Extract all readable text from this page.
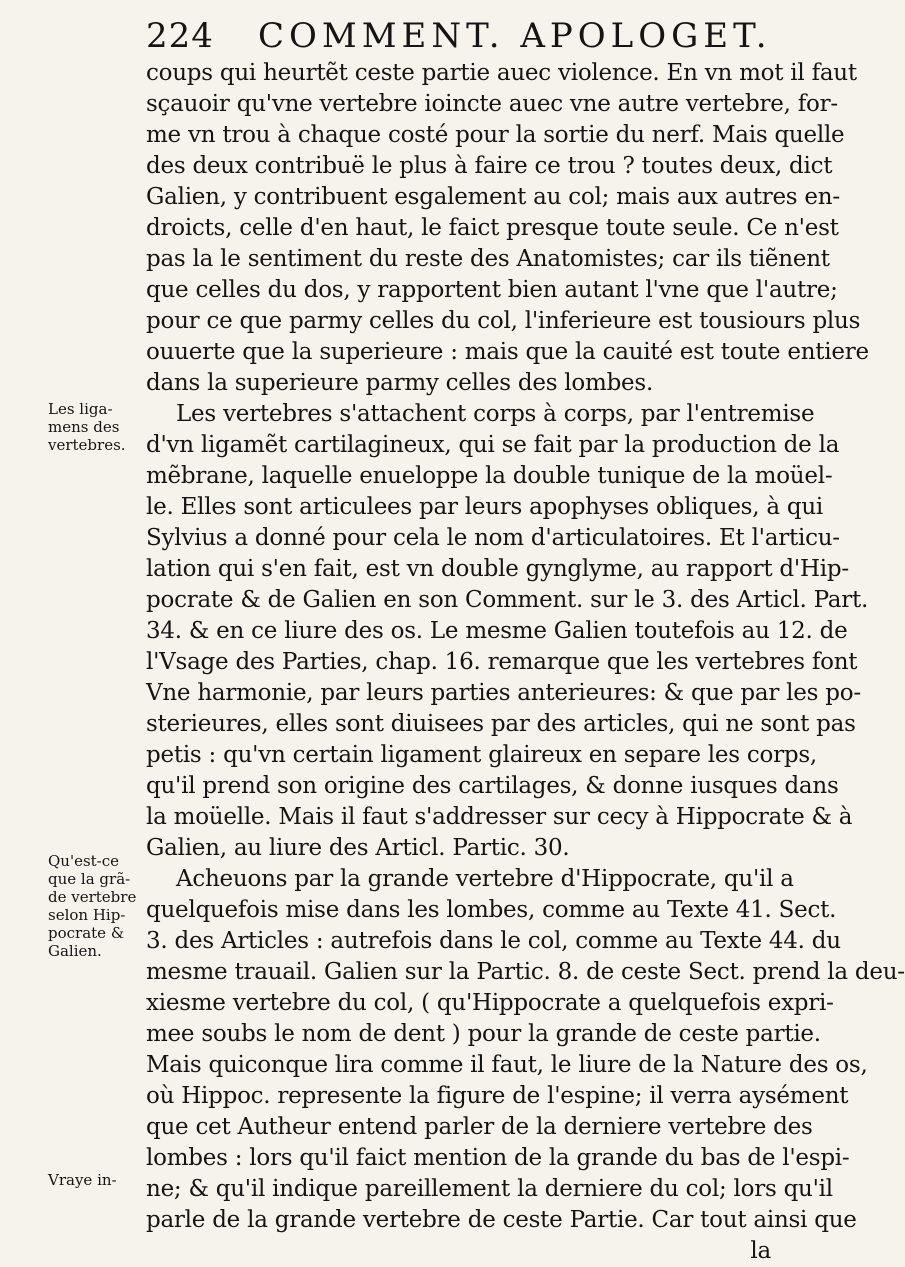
224 COMMENT. APOLOGET.
coups qui heurtẽt ceste partie auec violence. En vn mot il faut
sçauoir qu'vne vertebre ioincte auec vne autre vertebre, for-
me vn trou à chaque costé pour la sortie du nerf. Mais quelle
des deux contribuë le plus à faire ce trou ? toutes deux, dict
Galien, y contribuent esgalement au col; mais aux autres en-
droicts, celle d'en haut, le faict presque toute seule. Ce n'est
pas la le sentiment du reste des Anatomistes; car ils tiẽnent
que celles du dos, y rapportent bien autant l'vne que l'autre;
pour ce que parmy celles du col, l'inferieure est tousiours plus
ouuerte que la superieure : mais que la cauité est toute entiere
dans la superieure parmy celles des lombes.
Les vertebres s'attachent corps à corps, par l'entremise
d'vn ligamẽt cartilagineux, qui se fait par la production de la
mẽbrane, laquelle enueloppe la double tunique de la moüel-
le. Elles sont articulees par leurs apophyses obliques, à qui
Sylvius a donné pour cela le nom d'articulatoires. Et l'articu-
lation qui s'en fait, est vn double gynglyme, au rapport d'Hip-
pocrate & de Galien en son Comment. sur le 3. des Articl. Part.
34. & en ce liure des os. Le mesme Galien toutefois au 12. de
l'Vsage des Parties, chap. 16. remarque que les vertebres font
Vne harmonie, par leurs parties anterieures: & que par les po-
sterieures, elles sont diuisees par des articles, qui ne sont pas
petis : qu'vn certain ligament glaireux en separe les corps,
qu'il prend son origine des cartilages, & donne iusques dans
la moüelle. Mais il faut s'addresser sur cecy à Hippocrate & à
Galien, au liure des Articl. Partic. 30.
Acheuons par la grande vertebre d'Hippocrate, qu'il a
quelquefois mise dans les lombes, comme au Texte 41. Sect.
3. des Articles : autrefois dans le col, comme au Texte 44. du
mesme trauail. Galien sur la Partic. 8. de ceste Sect. prend la deu-
xiesme vertebre du col, ( qu'Hippocrate a quelquefois expri-
mee soubs le nom de dent ) pour la grande de ceste partie.
Mais quiconque lira comme il faut, le liure de la Nature des os,
où Hippoc. represente la figure de l'espine; il verra aysément
que cet Autheur entend parler de la derniere vertebre des
lombes : lors qu'il faict mention de la grande du bas de l'espi-
ne; & qu'il indique pareillement la derniere du col; lors qu'il
parle de la grande vertebre de ceste Partie. Car tout ainsi que
la
Les liga-
mens des
vertebres.
Qu'est-ce
que la grã-
de vertebre
selon Hip-
pocrate &
Galien.
Vraye in-
